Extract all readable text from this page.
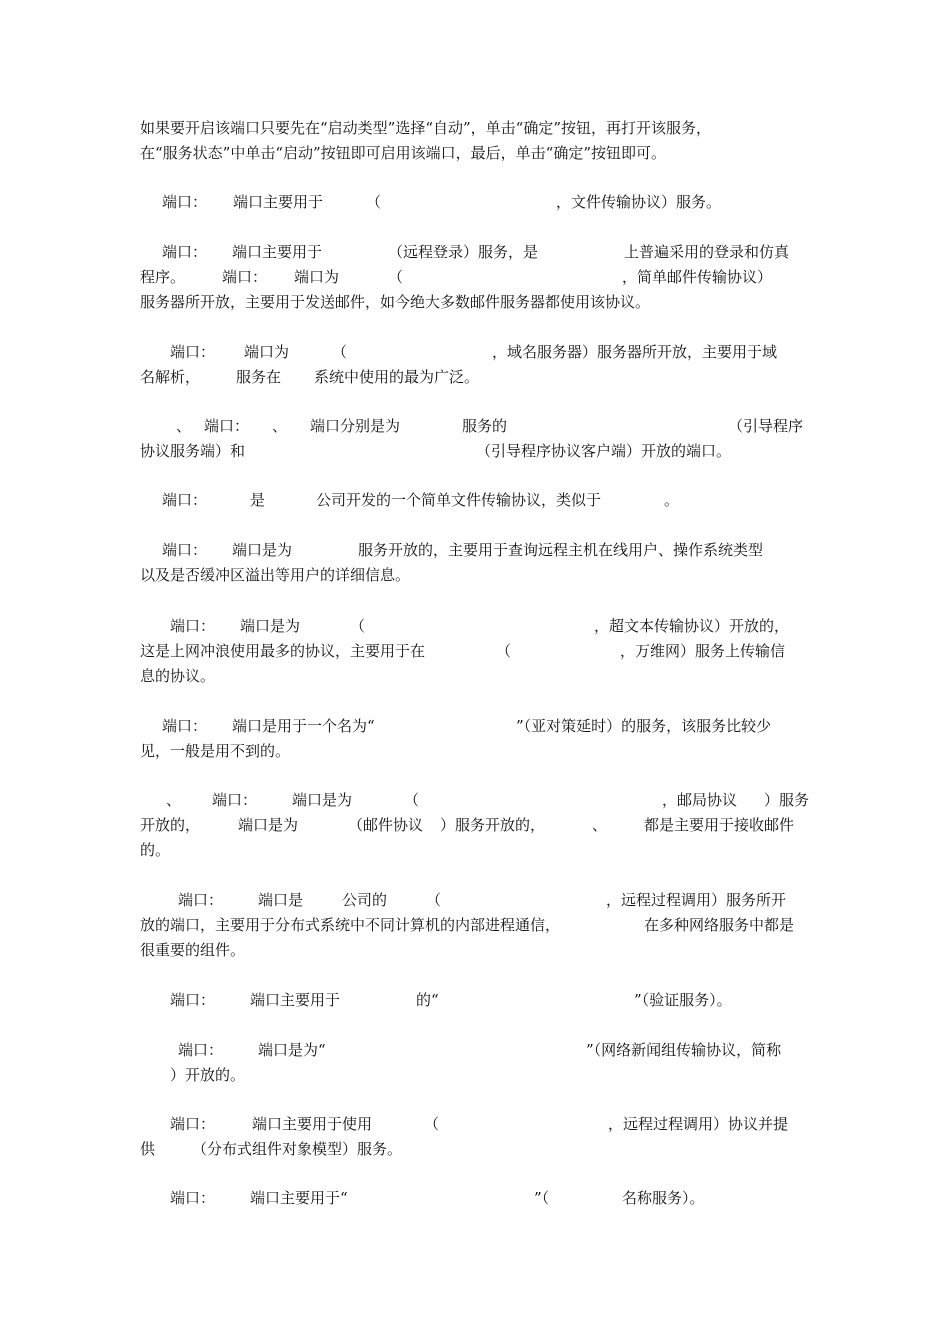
如果要开启该端口只要先在“启动类型”选择“自动”，单击“确定”按钮，再打开该服务，
在“服务状态”中单击“启动”按钮即可启用该端口，最后，单击“确定”按钮即可。
端口： 端口主要用于	（	，文件传输协议）服务。
端口： 端口主要用于	（远程登录）服务，是	上普遍采用的登录和仿真
程序。 端口： 端口为	（	，简单邮件传输协议）
服务器所开放，主要用于发送邮件，如今绝大多数邮件服务器都使用该协议。
端口： 端口为	（	，域名服务器）服务器所开放，主要用于域
名解析， 服务在 系统中使用的最为广泛。
、 端口： 、 端口分别是为	服务的	（引导程序
协议服务端）和	（引导程序协议客户端）开放的端口。
端口：	是	公司开发的一个简单文件传输协议，类似于	。
端口： 端口是为	服务开放的，主要用于查询远程主机在线用户、操作系统类型
以及是否缓冲区溢出等用户的详细信息。
端口： 端口是为	（	，超文本传输协议）开放的，
这是上网冲浪使用最多的协议，主要用于在	（	，万维网）服务上传输信
息的协议。
端口： 端口是用于一个名为“	”（亚对策延时）的服务，该服务比较少
见，一般是用不到的。
、 端口： 端口是为	（	，邮局协议 ）服务
开放的，	端口是为	（邮件协议 ）服务开放的，	、 都是主要用于接收邮件
的。
端口： 端口是	公司的	（	，远程过程调用）服务所开
放的端口，主要用于分布式系统中不同计算机的内部进程通信，	在多种网络服务中都是
很重要的组件。
端口： 端口主要用于	的“	”（验证服务）。
端口： 端口是为“	”（网络新闻组传输协议，简称
）开放的。
端口： 端口主要用于使用	（	，远程过程调用）协议并提
供 （分布式组件对象模型）服务。
端口： 端口主要用于“	”（	名称服务）。
